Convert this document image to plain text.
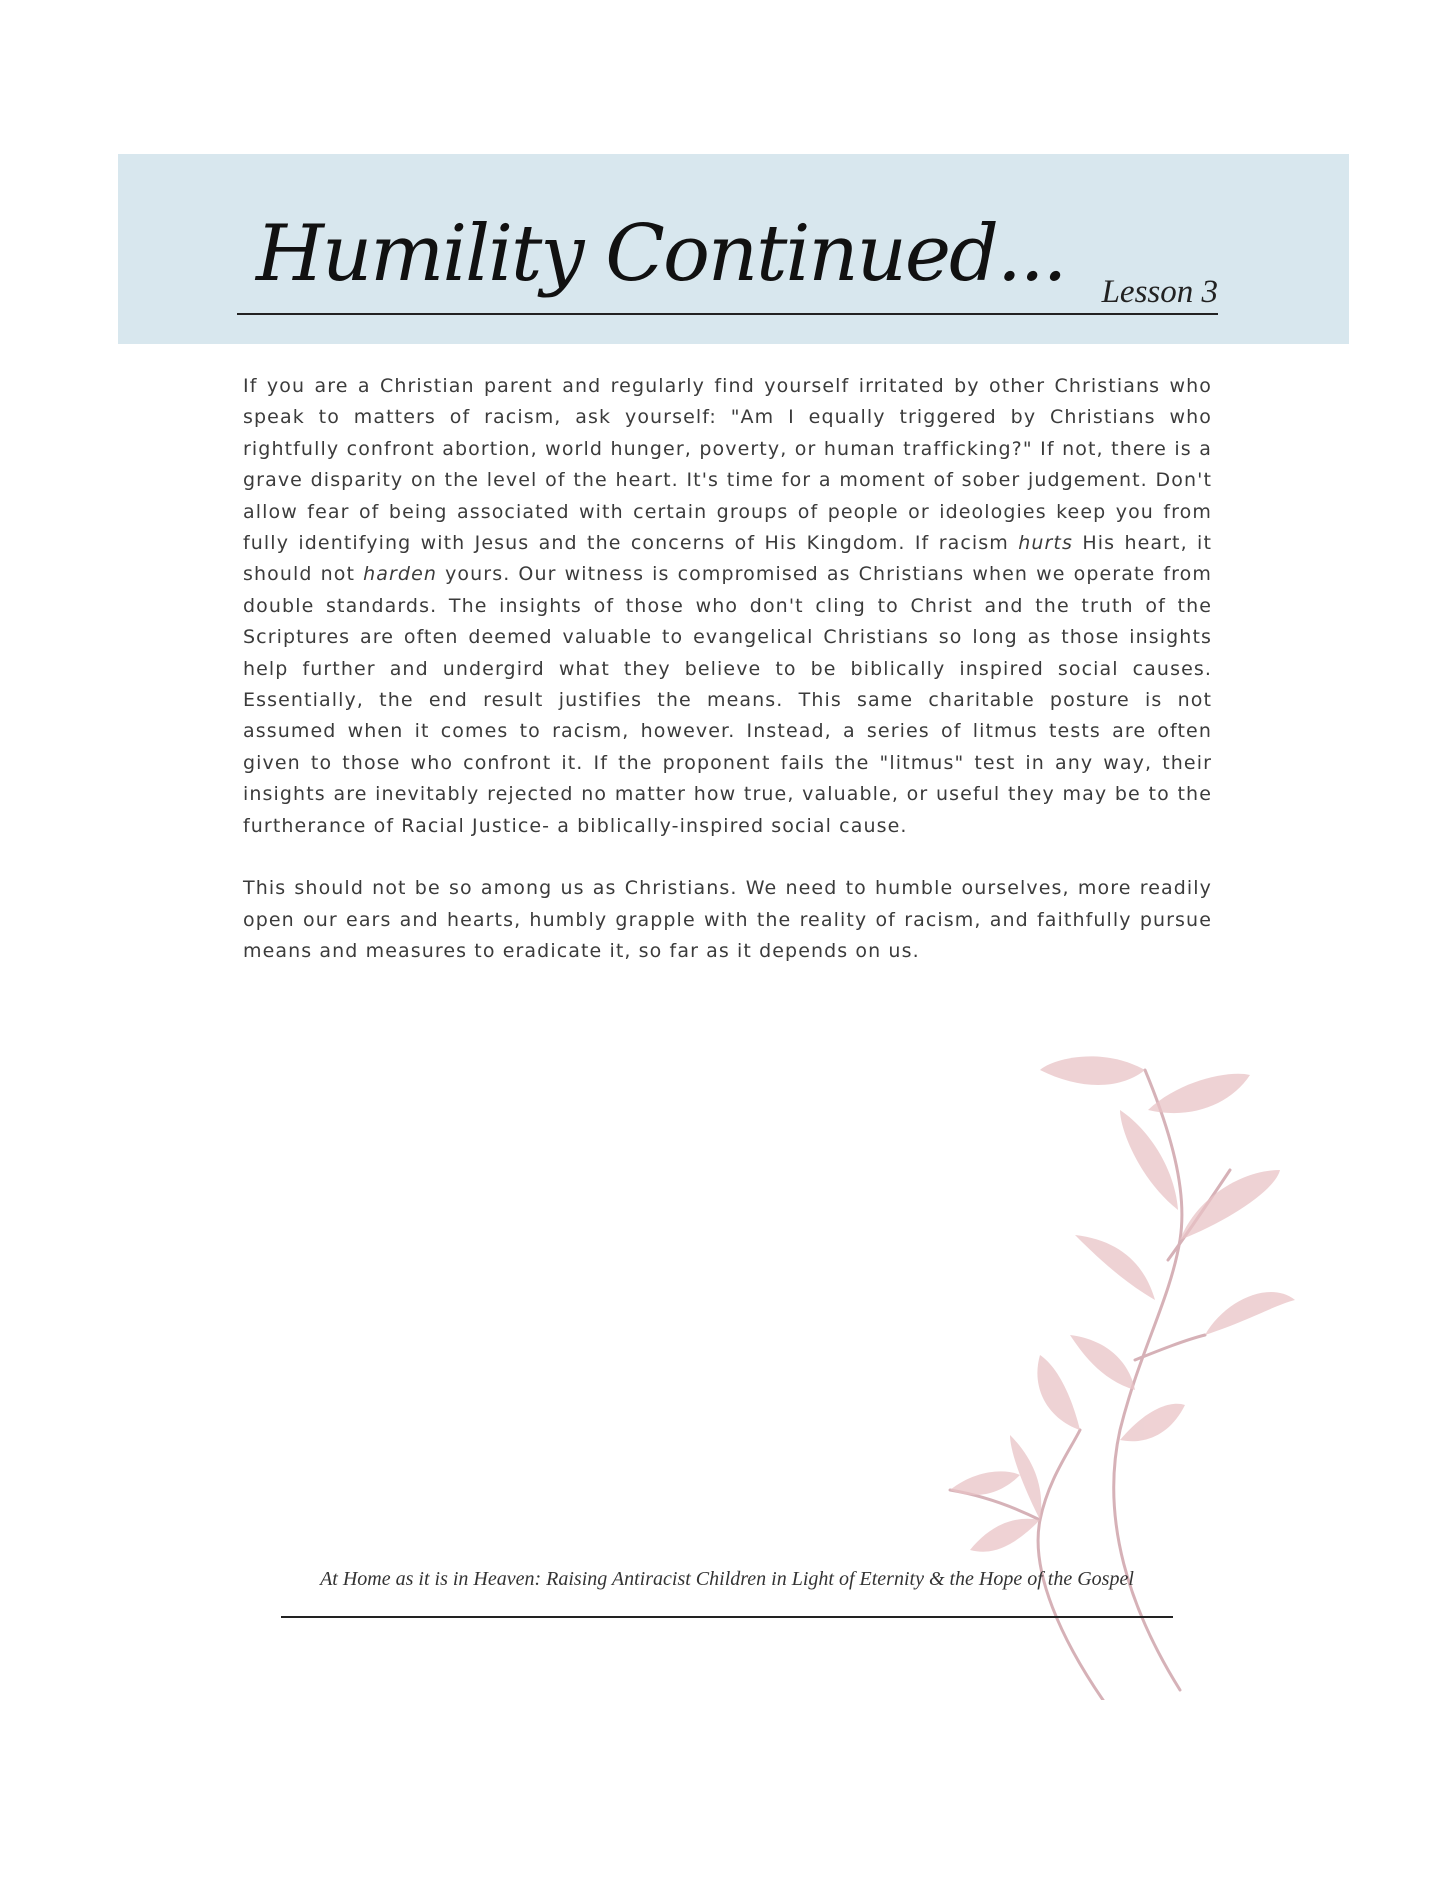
Humility Continued... Lesson 3

If you are a Christian parent and regularly find yourself irritated by other Christians who speak to matters of racism, ask yourself: "Am I equally triggered by Christians who rightfully confront abortion, world hunger, poverty, or human trafficking?" If not, there is a grave disparity on the level of the heart. It's time for a moment of sober judgement. Don't allow fear of being associated with certain groups of people or ideologies keep you from fully identifying with Jesus and the concerns of His Kingdom. If racism hurts His heart, it should not harden yours. Our witness is compromised as Christians when we operate from double standards. The insights of those who don't cling to Christ and the truth of the Scriptures are often deemed valuable to evangelical Christians so long as those insights help further and undergird what they believe to be biblically inspired social causes. Essentially, the end result justifies the means. This same charitable posture is not assumed when it comes to racism, however. Instead, a series of litmus tests are often given to those who confront it. If the proponent fails the "litmus" test in any way, their insights are inevitably rejected no matter how true, valuable, or useful they may be to the furtherance of Racial Justice- a biblically-inspired social cause.

This should not be so among us as Christians. We need to humble ourselves, more readily open our ears and hearts, humbly grapple with the reality of racism, and faithfully pursue means and measures to eradicate it, so far as it depends on us.

At Home as it is in Heaven: Raising Antiracist Children in Light of Eternity & the Hope of the Gospel
